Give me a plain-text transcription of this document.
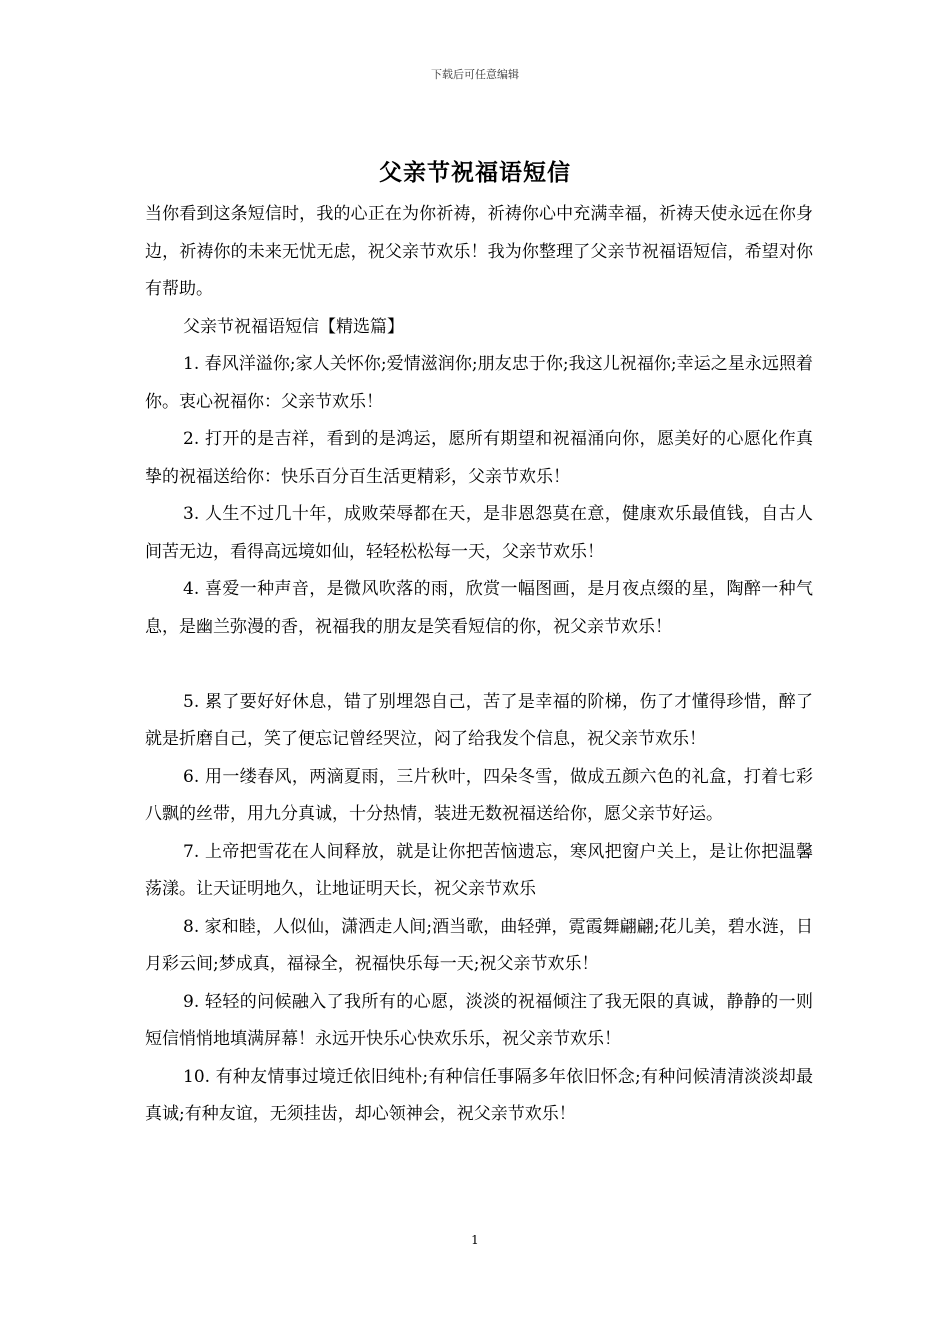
下载后可任意编辑
父亲节祝福语短信

当你看到这条短信时，我的心正在为你祈祷，祈祷你心中充满幸福，祈祷天使永远在你身边，祈祷你的未来无忧无虑，祝父亲节欢乐！我为你整理了父亲节祝福语短信，希望对你有帮助。

父亲节祝福语短信【精选篇】

1. 春风洋溢你;家人关怀你;爱情滋润你;朋友忠于你;我这儿祝福你;幸运之星永远照着你。衷心祝福你：父亲节欢乐！

2. 打开的是吉祥，看到的是鸿运，愿所有期望和祝福涌向你，愿美好的心愿化作真挚的祝福送给你：快乐百分百生活更精彩，父亲节欢乐！

3. 人生不过几十年，成败荣辱都在天，是非恩怨莫在意，健康欢乐最值钱，自古人间苦无边，看得高远境如仙，轻轻松松每一天，父亲节欢乐！

4. 喜爱一种声音，是微风吹落的雨，欣赏一幅图画，是月夜点缀的星，陶醉一种气息，是幽兰弥漫的香，祝福我的朋友是笑看短信的你，祝父亲节欢乐！

5. 累了要好好休息，错了别埋怨自己，苦了是幸福的阶梯，伤了才懂得珍惜，醉了就是折磨自己，笑了便忘记曾经哭泣，闷了给我发个信息，祝父亲节欢乐！

6. 用一缕春风，两滴夏雨，三片秋叶，四朵冬雪，做成五颜六色的礼盒，打着七彩八飘的丝带，用九分真诚，十分热情，装进无数祝福送给你，愿父亲节好运。

7. 上帝把雪花在人间释放，就是让你把苦恼遗忘，寒风把窗户关上，是让你把温馨荡漾。让天证明地久，让地证明天长，祝父亲节欢乐

8. 家和睦，人似仙，潇洒走人间;酒当歌，曲轻弹，霓霞舞翩翩;花儿美，碧水涟，日月彩云间;梦成真，福禄全，祝福快乐每一天;祝父亲节欢乐！

9. 轻轻的问候融入了我所有的心愿，淡淡的祝福倾注了我无限的真诚，静静的一则短信悄悄地填满屏幕！永远开快乐心快欢乐乐，祝父亲节欢乐！

10. 有种友情事过境迁依旧纯朴;有种信任事隔多年依旧怀念;有种问候清清淡淡却最真诚;有种友谊，无须挂齿，却心领神会，祝父亲节欢乐！

1
